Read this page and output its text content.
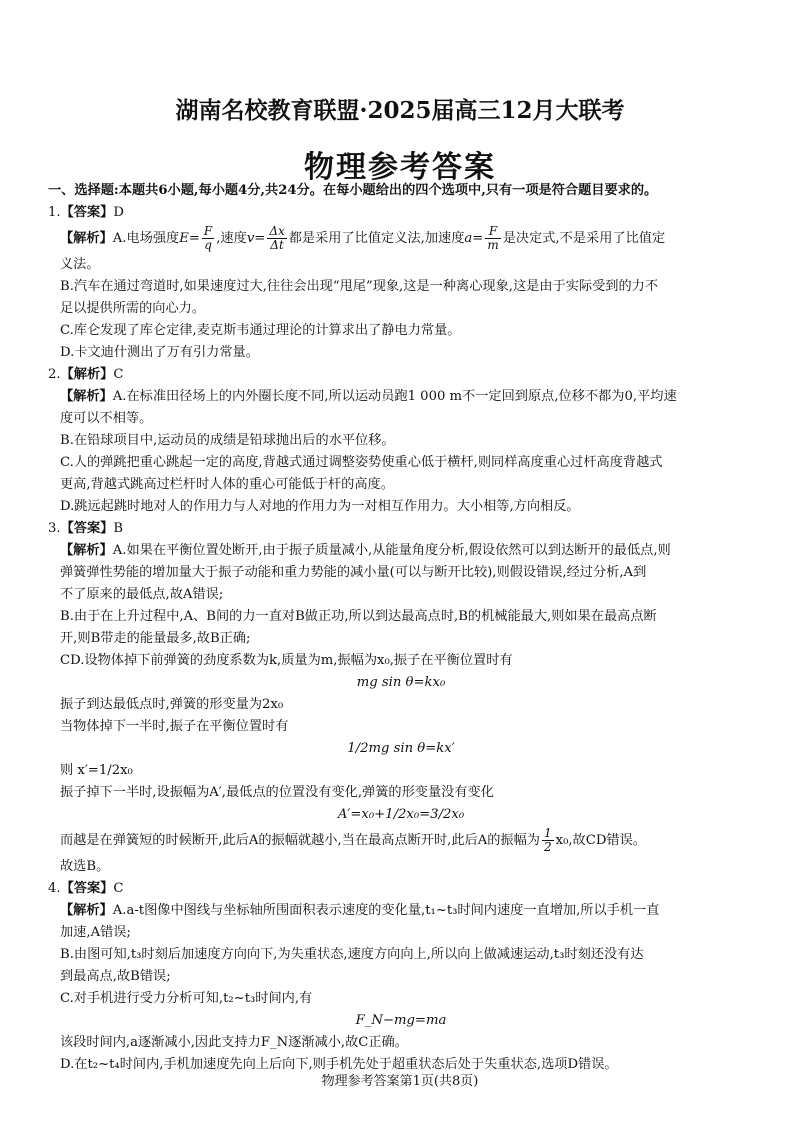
湖南名校教育联盟·2025届高三12月大联考
物理参考答案

一、选择题:本题共6小题,每小题4分,共24分。在每小题给出的四个选项中,只有一项是符合题目要求的。

1.【答案】D

【解析】A.电场强度$E= \frac{F}{q}$ ,速度$v= \frac{\Delta x}{\Delta t}$ 都是采用了比值定义法,加速度$a= \frac{F}{m}$ 是决定式,不是采用了比值定

义法。

B.汽车在通过弯道时,如果速度过大,往往会出现“甩尾”现象,这是一种离心现象,这是由于实际受到的力不

足以提供所需的向心力。

C.库仑发现了库仑定律,麦克斯韦通过理论的计算求出了静电力常量。

D.卡文迪什测出了万有引力常量。

2.【解析】C

【解析】A.在标准田径场上的内外圈长度不同,所以运动员跑1 000 m不一定回到原点,位移不都为0,平均速

度可以不相等。

B.在铅球项目中,运动员的成绩是铅球抛出后的水平位移。

C.人的弹跳把重心跳起一定的高度,背越式通过调整姿势使重心低于横杆,则同样高度重心过杆高度背越式

更高,背越式跳高过栏杆时人体的重心可能低于杆的高度。

D.跳远起跳时地对人的作用力与人对地的作用力为一对相互作用力。大小相等,方向相反。

3.【答案】B

【解析】A.如果在平衡位置处断开,由于振子质量减小,从能量角度分析,假设依然可以到达断开的最低点,则

弹簧弹性势能的增加量大于振子动能和重力势能的减小量(可以与断开比较),则假设错误,经过分析,A到

不了原来的最低点,故A错误;

B.由于在上升过程中,A、B间的力一直对B做正功,所以到达最高点时,B的机械能最大,则如果在最高点断

开,则B带走的能量最多,故B正确;

CD.设物体掉下前弹簧的劲度系数为k,质量为m,振幅为x₀,振子在平衡位置时有

mg sin θ=kx₀

振子到达最低点时,弹簧的形变量为2x₀

当物体掉下一半时,振子在平衡位置时有

1/2mg sin θ=kx′

则 x′=1/2x₀

振子掉下一半时,设振幅为A′,最低点的位置没有变化,弹簧的形变量没有变化

A′=x₀+1/2x₀=3/2x₀

而越是在弹簧短的时候断开,此后A的振幅就越小,当在最高点断开时,此后A的振幅为 $\frac{1}{2} x_0$,故CD错误。

故选B。

4.【答案】C

【解析】A.a-t图像中图线与坐标轴所围面积表示速度的变化量,t₁~t₃时间内速度一直增加,所以手机一直

加速,A错误;

B.由图可知,t₃时刻后加速度方向向下,为失重状态,速度方向向上,所以向上做减速运动,t₃时刻还没有达

到最高点,故B错误;

C.对手机进行受力分析可知,t₂~t₃时间内,有

F_N−mg=ma

该段时间内,a逐渐减小,因此支持力F_N逐渐减小,故C正确。

D.在t₂~t₄时间内,手机加速度先向上后向下,则手机先处于超重状态后处于失重状态,选项D错误。

物理参考答案第1页(共8页)
